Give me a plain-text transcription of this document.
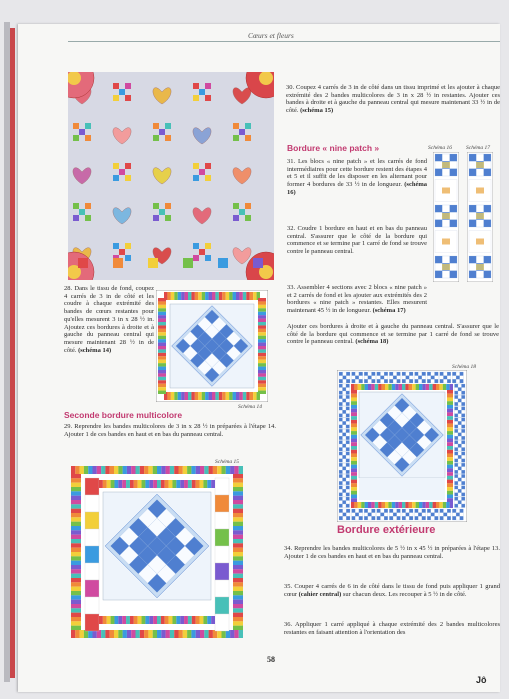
Cœurs et fleurs
28. Dans le tissu de fond, coupez 4 carrés de 3 in de côté et les coudre à chaque extrémité des bandes de cœurs restantes pour qu'elles mesurent 3 in x 28 ½ in. Ajoutez ces bordures à droite et à gauche du panneau central qui mesure maintenant 28 ½ in de côté. (schéma 14)
Schéma 14
Seconde bordure multicolore
29. Reprendre les bandes multicolores de 3 in x 28 ½ in préparées à l'étape 14. Ajouter 1 de ces bandes en haut et en bas du panneau central.
Schéma 15
30. Coupez 4 carrés de 3 in de côté dans un tissu imprimé et les ajouter à chaque extrémité des 2 bandes multicolores de 3 in x 28 ½ in restantes. Ajouter ces bandes à droite et à gauche du panneau central qui mesure maintenant 33 ½ in de côté. (schéma 15)
Bordure « nine patch »
31. Les blocs « nine patch » et les carrés de fond intermédiaires pour cette bordure restent des étapes 4 et 5 et il suffit de les disposer en les alternant pour former 4 bordures de 33 ½ in de longueur. (schéma 16)
32. Coudre 1 bordure en haut et en bas du panneau central. S'assurer que le côté de la bordure qui commence et se termine par 1 carré de fond se trouve contre le panneau central.
Schéma 16	Schéma 17
33. Assembler 4 sections avec 2 blocs « nine patch » et 2 carrés de fond et les ajouter aux extrémités des 2 bordures « nine patch » restantes. Elles mesurent maintenant 45 ½ in de longueur. (schéma 17)
Ajouter ces bordures à droite et à gauche du panneau central. S'assurer que le côté de la bordure qui commence et se termine par 1 carré de fond se trouve contre le panneau central. (schéma 18)
Schéma 18
Bordure extérieure
34. Reprendre les bandes multicolores de 5 ½ in x 45 ½ in préparées à l'étape 13. Ajouter 1 de ces bandes en haut et en bas du panneau central.
35. Couper 4 carrés de 6 in de côté dans le tissu de fond puis appliquer 1 grand cœur (cahier central) sur chacun deux. Les recouper à 5 ½ in de côté.
36. Appliquer 1 carré appliqué à chaque extrémité des 2 bandes multicolores restantes en faisant attention à l'orientation des
58
Jô
